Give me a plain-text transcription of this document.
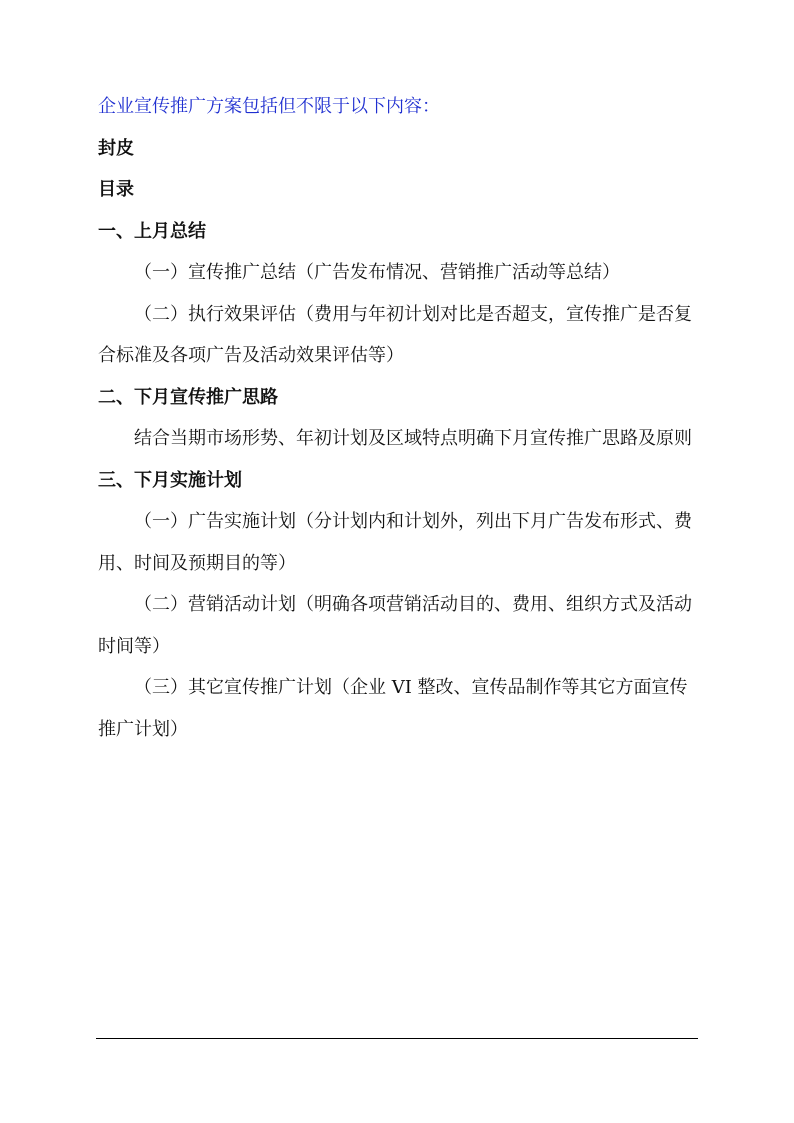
企业宣传推广方案包括但不限于以下内容：

封皮

目录

一、上月总结

（一）宣传推广总结（广告发布情况、营销推广活动等总结）

（二）执行效果评估（费用与年初计划对比是否超支，宣传推广是否复合标准及各项广告及活动效果评估等）

二、下月宣传推广思路

结合当期市场形势、年初计划及区域特点明确下月宣传推广思路及原则

三、下月实施计划

（一）广告实施计划（分计划内和计划外，列出下月广告发布形式、费用、时间及预期目的等）

（二）营销活动计划（明确各项营销活动目的、费用、组织方式及活动时间等）

（三）其它宣传推广计划（企业 VI 整改、宣传品制作等其它方面宣传推广计划）
